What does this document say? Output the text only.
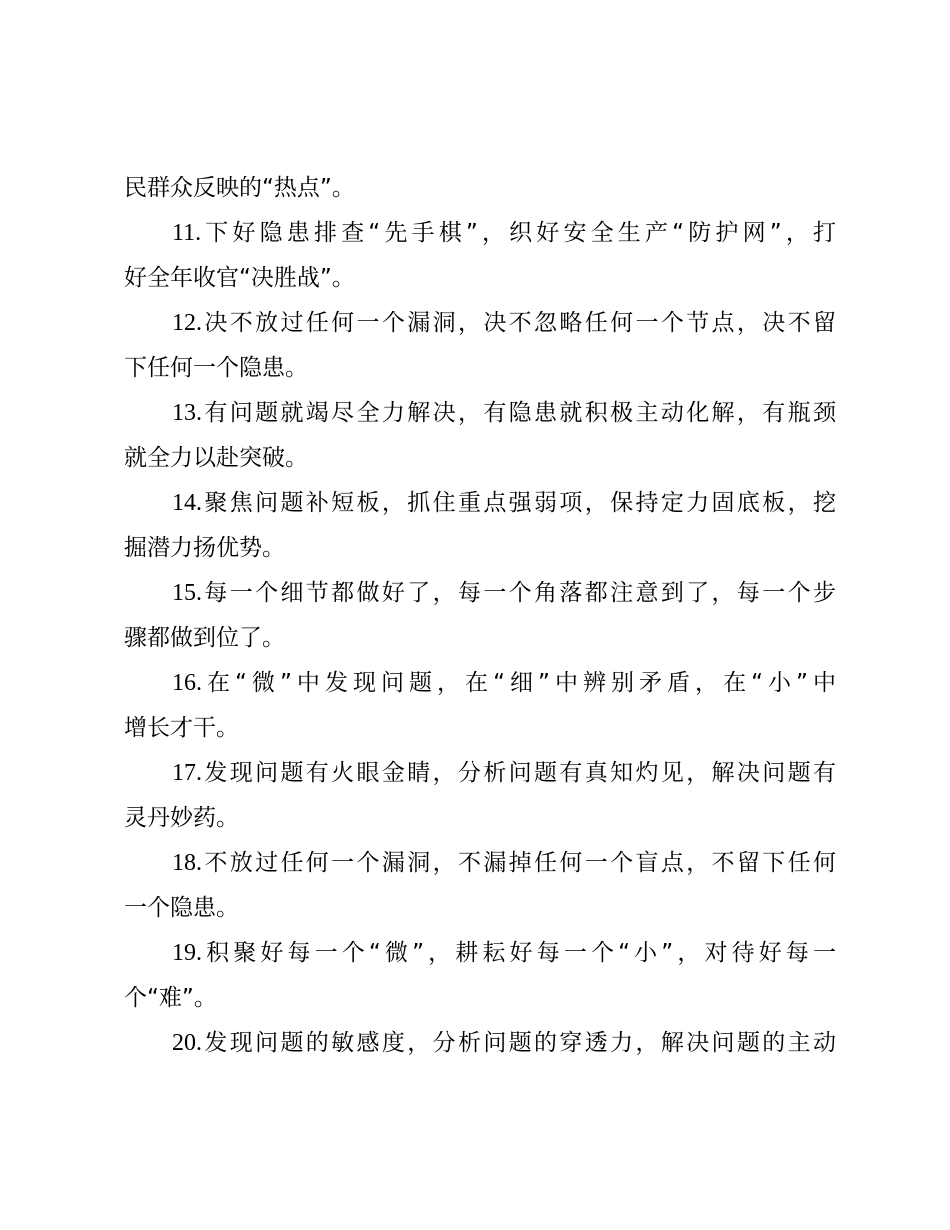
民群众反映的“热点”。
11.下好隐患排查“先手棋”，织好安全生产“防护网”，打
好全年收官“决胜战”。
12.决不放过任何一个漏洞，决不忽略任何一个节点，决不留
下任何一个隐患。
13.有问题就竭尽全力解决，有隐患就积极主动化解，有瓶颈
就全力以赴突破。
14.聚焦问题补短板，抓住重点强弱项，保持定力固底板，挖
掘潜力扬优势。
15.每一个细节都做好了，每一个角落都注意到了，每一个步
骤都做到位了。
16.在“微”中发现问题，在“细”中辨别矛盾，在“小”中
增长才干。
17.发现问题有火眼金睛，分析问题有真知灼见，解决问题有
灵丹妙药。
18.不放过任何一个漏洞，不漏掉任何一个盲点，不留下任何
一个隐患。
19.积聚好每一个“微”，耕耘好每一个“小”，对待好每一
个“难”。
20.发现问题的敏感度，分析问题的穿透力，解决问题的主动
